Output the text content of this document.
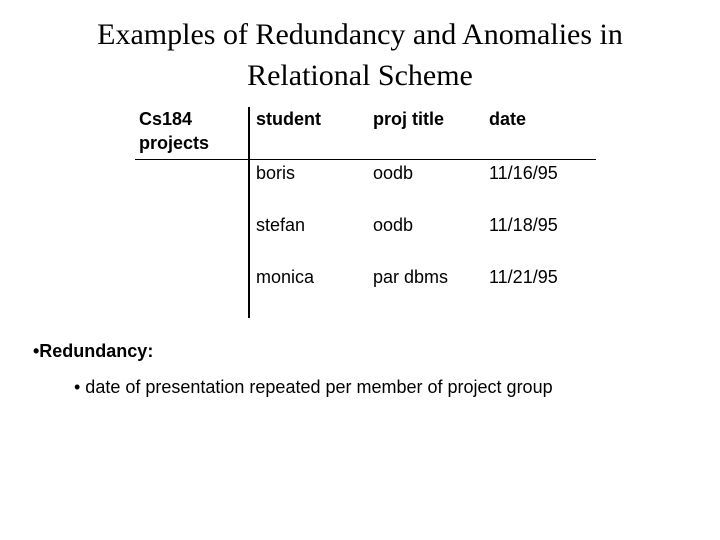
Examples of Redundancy and Anomalies in
Relational Scheme
Cs184
projects
student	proj title	date
boris	oodb	11/16/95
stefan	oodb	11/18/95
monica	par dbms 11/21/95
•Redundancy:
• date of presentation repeated per member of project group
